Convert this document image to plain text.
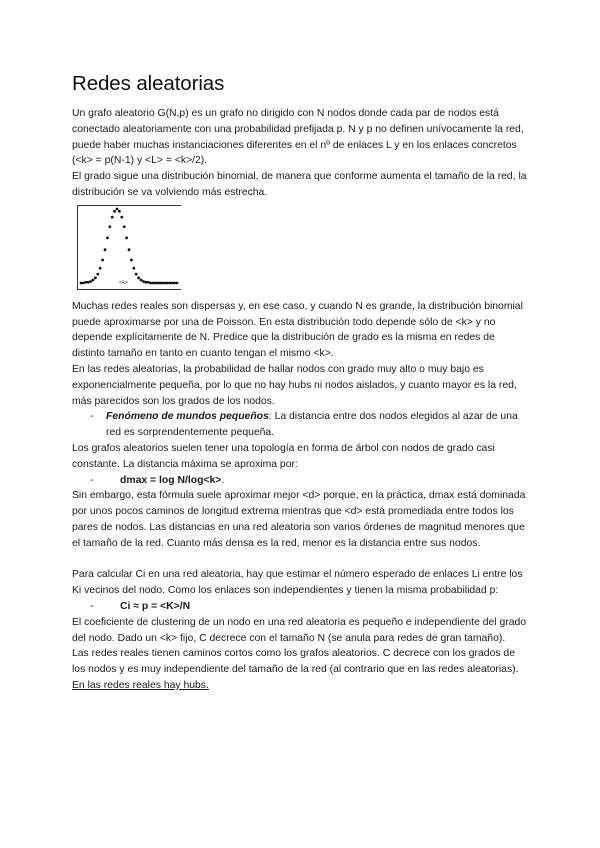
Redes aleatorias

Un grafo aleatorio G(N,p) es un grafo no dirigido con N nodos donde cada par de nodos está conectado aleatoriamente con una probabilidad prefijada p. N y p no definen unívocamente la red, puede haber muchas instanciaciones diferentes en el nº de enlaces L y en los enlaces concretos (<k> = p(N-1) y <L> = <k>/2).

El grado sigue una distribución binomial, de manera que conforme aumenta el tamaño de la red, la distribución se va volviendo más estrecha.

<k>

Muchas redes reales son dispersas y, en ese caso, y cuando N es grande, la distribución binomial puede aproximarse por una de Poisson. En esta distribución todo depende sólo de <k> y no depende explícitamente de N. Predice que la distribución de grado es la misma en redes de distinto tamaño en tanto en cuanto tengan el mismo <k>.

En las redes aleatorias, la probabilidad de hallar nodos con grado muy alto o muy bajo es exponencialmente pequeña, por lo que no hay hubs ni nodos aislados, y cuanto mayor es la red, más parecidos son los grados de los nodos.

-	Fenómeno de mundos pequeños: La distancia entre dos nodos elegidos al azar de una red es sorprendentemente pequeña.

Los grafos aleatorios suelen tener una topología en forma de árbol con nodos de grado casi constante. La distancia máxima se aproxima por:

-	dmax = log N/log<k>.

Sin embargo, esta fórmula suele aproximar mejor <d> porque, en la práctica, dmax está dominada por unos pocos caminos de longitud extrema mientras que <d> está promediada entre todos los pares de nodos. Las distancias en una red aleatoria son varios órdenes de magnitud menores que el tamaño de la red. Cuanto más densa es la red, menor es la distancia entre sus nodos.

Para calcular Ci en una red aleatoria, hay que estimar el número esperado de enlaces Li entre los Ki vecinos del nodo. Como los enlaces son independientes y tienen la misma probabilidad p:

-	Ci ≈ p = <K>/N

El coeficiente de clustering de un nodo en una red aleatoria es pequeño e independiente del grado del nodo. Dado un <k> fijo, C decrece con el tamaño N (se anula para redes de gran tamaño).

Las redes reales tienen caminos cortos como los grafos aleatorios. C decrece con los grados de los nodos y es muy independiente del tamaño de la red (al contrario que en las redes aleatorias). En las redes reales hay hubs.
